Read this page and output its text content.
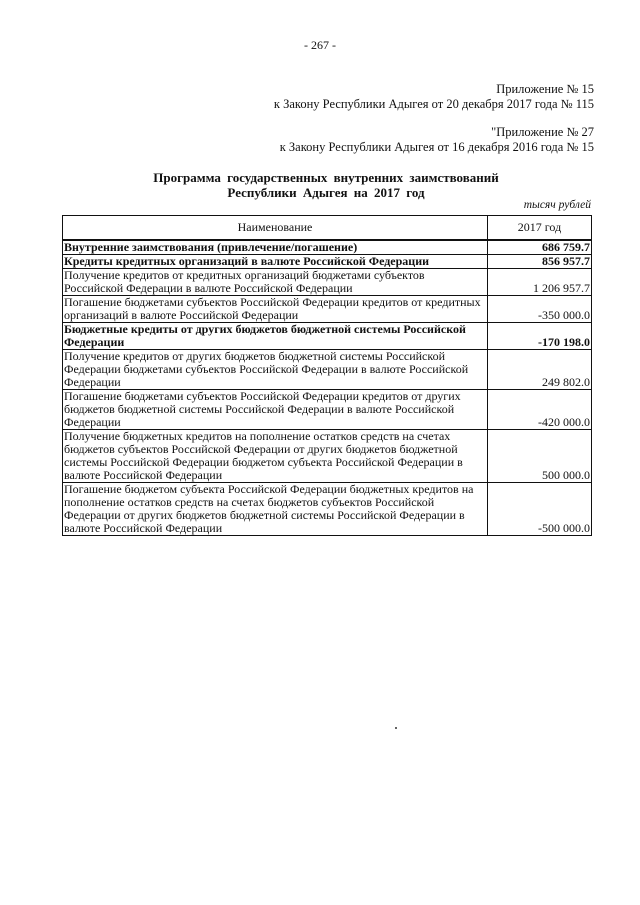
- 267 -
Приложение № 15
к Закону Республики Адыгея от 20 декабря 2017 года № 115
"Приложение № 27
к Закону Республики Адыгея от 16 декабря 2016 года № 15
Программа государственных внутренних заимствований
Республики Адыгея на 2017 год
тысяч рублей
Наименование	2017 год
Внутренние заимствования (привлечение/погашение)	686 759.7
Кредиты кредитных организаций в валюте Российской Федерации	856 957.7
Получение кредитов от кредитных организаций бюджетами субъектов Российской Федерации в валюте Российской Федерации	1 206 957.7
Погашение бюджетами субъектов Российской Федерации кредитов от кредитных организаций в валюте Российской Федерации	-350 000.0
Бюджетные кредиты от других бюджетов бюджетной системы Российской Федерации	-170 198.0
Получение кредитов от других бюджетов бюджетной системы Российской Федерации бюджетами субъектов Российской Федерации в валюте Российской Федерации	249 802.0
Погашение бюджетами субъектов Российской Федерации кредитов от других бюджетов бюджетной системы Российской Федерации в валюте Российской Федерации	-420 000.0
Получение бюджетных кредитов на пополнение остатков средств на счетах бюджетов субъектов Российской Федерации от других бюджетов бюджетной системы Российской Федерации бюджетом субъекта Российской Федерации в валюте Российской Федерации	500 000.0
Погашение бюджетом субъекта Российской Федерации бюджетных кредитов на пополнение остатков средств на счетах бюджетов субъектов Российской Федерации от других бюджетов бюджетной системы Российской Федерации в валюте Российской Федерации	-500 000.0
